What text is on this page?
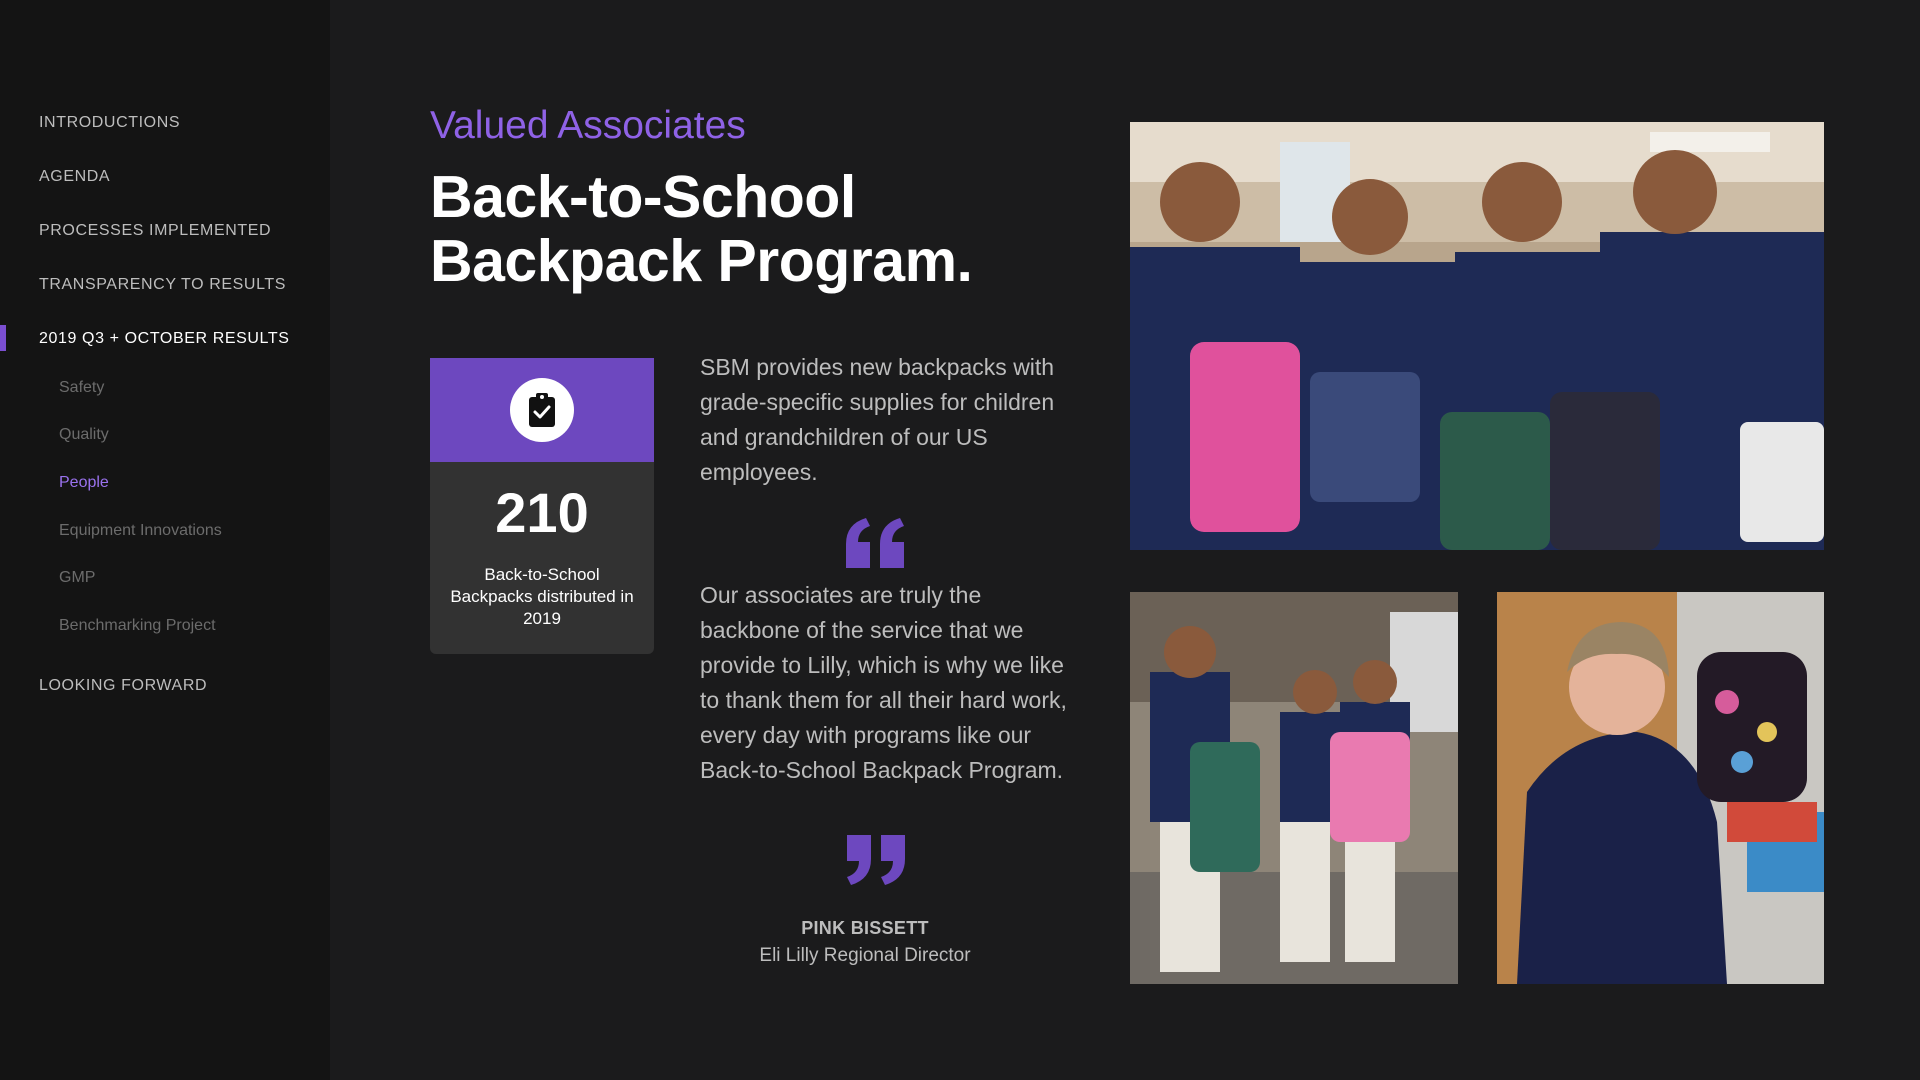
INTRODUCTIONS
AGENDA
PROCESSES IMPLEMENTED
TRANSPARENCY TO RESULTS
2019 Q3 + OCTOBER RESULTS
Safety
Quality
People
Equipment Innovations
GMP
Benchmarking Project
LOOKING FORWARD
Valued Associates
Back-to-School Backpack Program.
210
Back-to-School Backpacks distributed in 2019
SBM provides new backpacks with grade-specific supplies for children and grandchildren of our US employees.
Our associates are truly the backbone of the service that we provide to Lilly, which is why we like to thank them for all their hard work, every day with programs like our Back-to-School Backpack Program.
PINK BISSETT
Eli Lilly Regional Director
